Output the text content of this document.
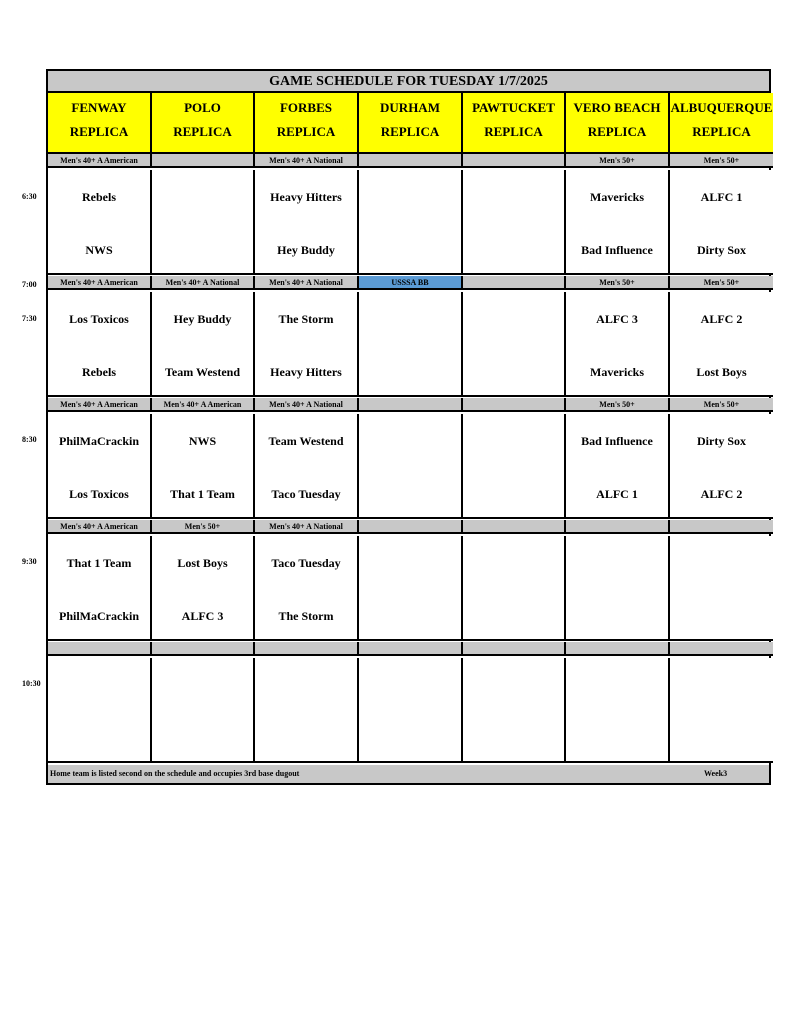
6:30
7:00
7:30
8:30
9:30
10:30
GAME SCHEDULE FOR TUESDAY 1/7/2025
Home team is listed second on the schedule and occupies 3rd base dugout	Week3
FENWAY
REPLICA
POLO
REPLICA
FORBES
REPLICA
DURHAM
REPLICA
PAWTUCKET
REPLICA
VERO BEACH
REPLICA
ALBUQUERQUE
REPLICA
Men's 40+ A American
Rebels
NWS
Men's 40+ A National
Heavy Hitters
Hey Buddy
Men's 50+
Mavericks
Bad Influence
Men's 50+
ALFC 1
Dirty Sox
Men's 40+ A American
Los Toxicos
Rebels
Men's 40+ A National
Hey Buddy
Team Westend
Men's 40+ A National
The Storm
Heavy Hitters
USSSA BB	Men's 50+
ALFC 3
Mavericks
Men's 50+
ALFC 2
Lost Boys
Men's 40+ A American
PhilMaCrackin
Los Toxicos
Men's 40+ A American
NWS
That 1 Team
Men's 40+ A National
Team Westend
Taco Tuesday
Men's 50+
Bad Influence
ALFC 1
Men's 50+
Dirty Sox
ALFC 2
Men's 40+ A American
That 1 Team
PhilMaCrackin
Men's 50+
Lost Boys
ALFC 3
Men's 40+ A National
Taco Tuesday
The Storm
